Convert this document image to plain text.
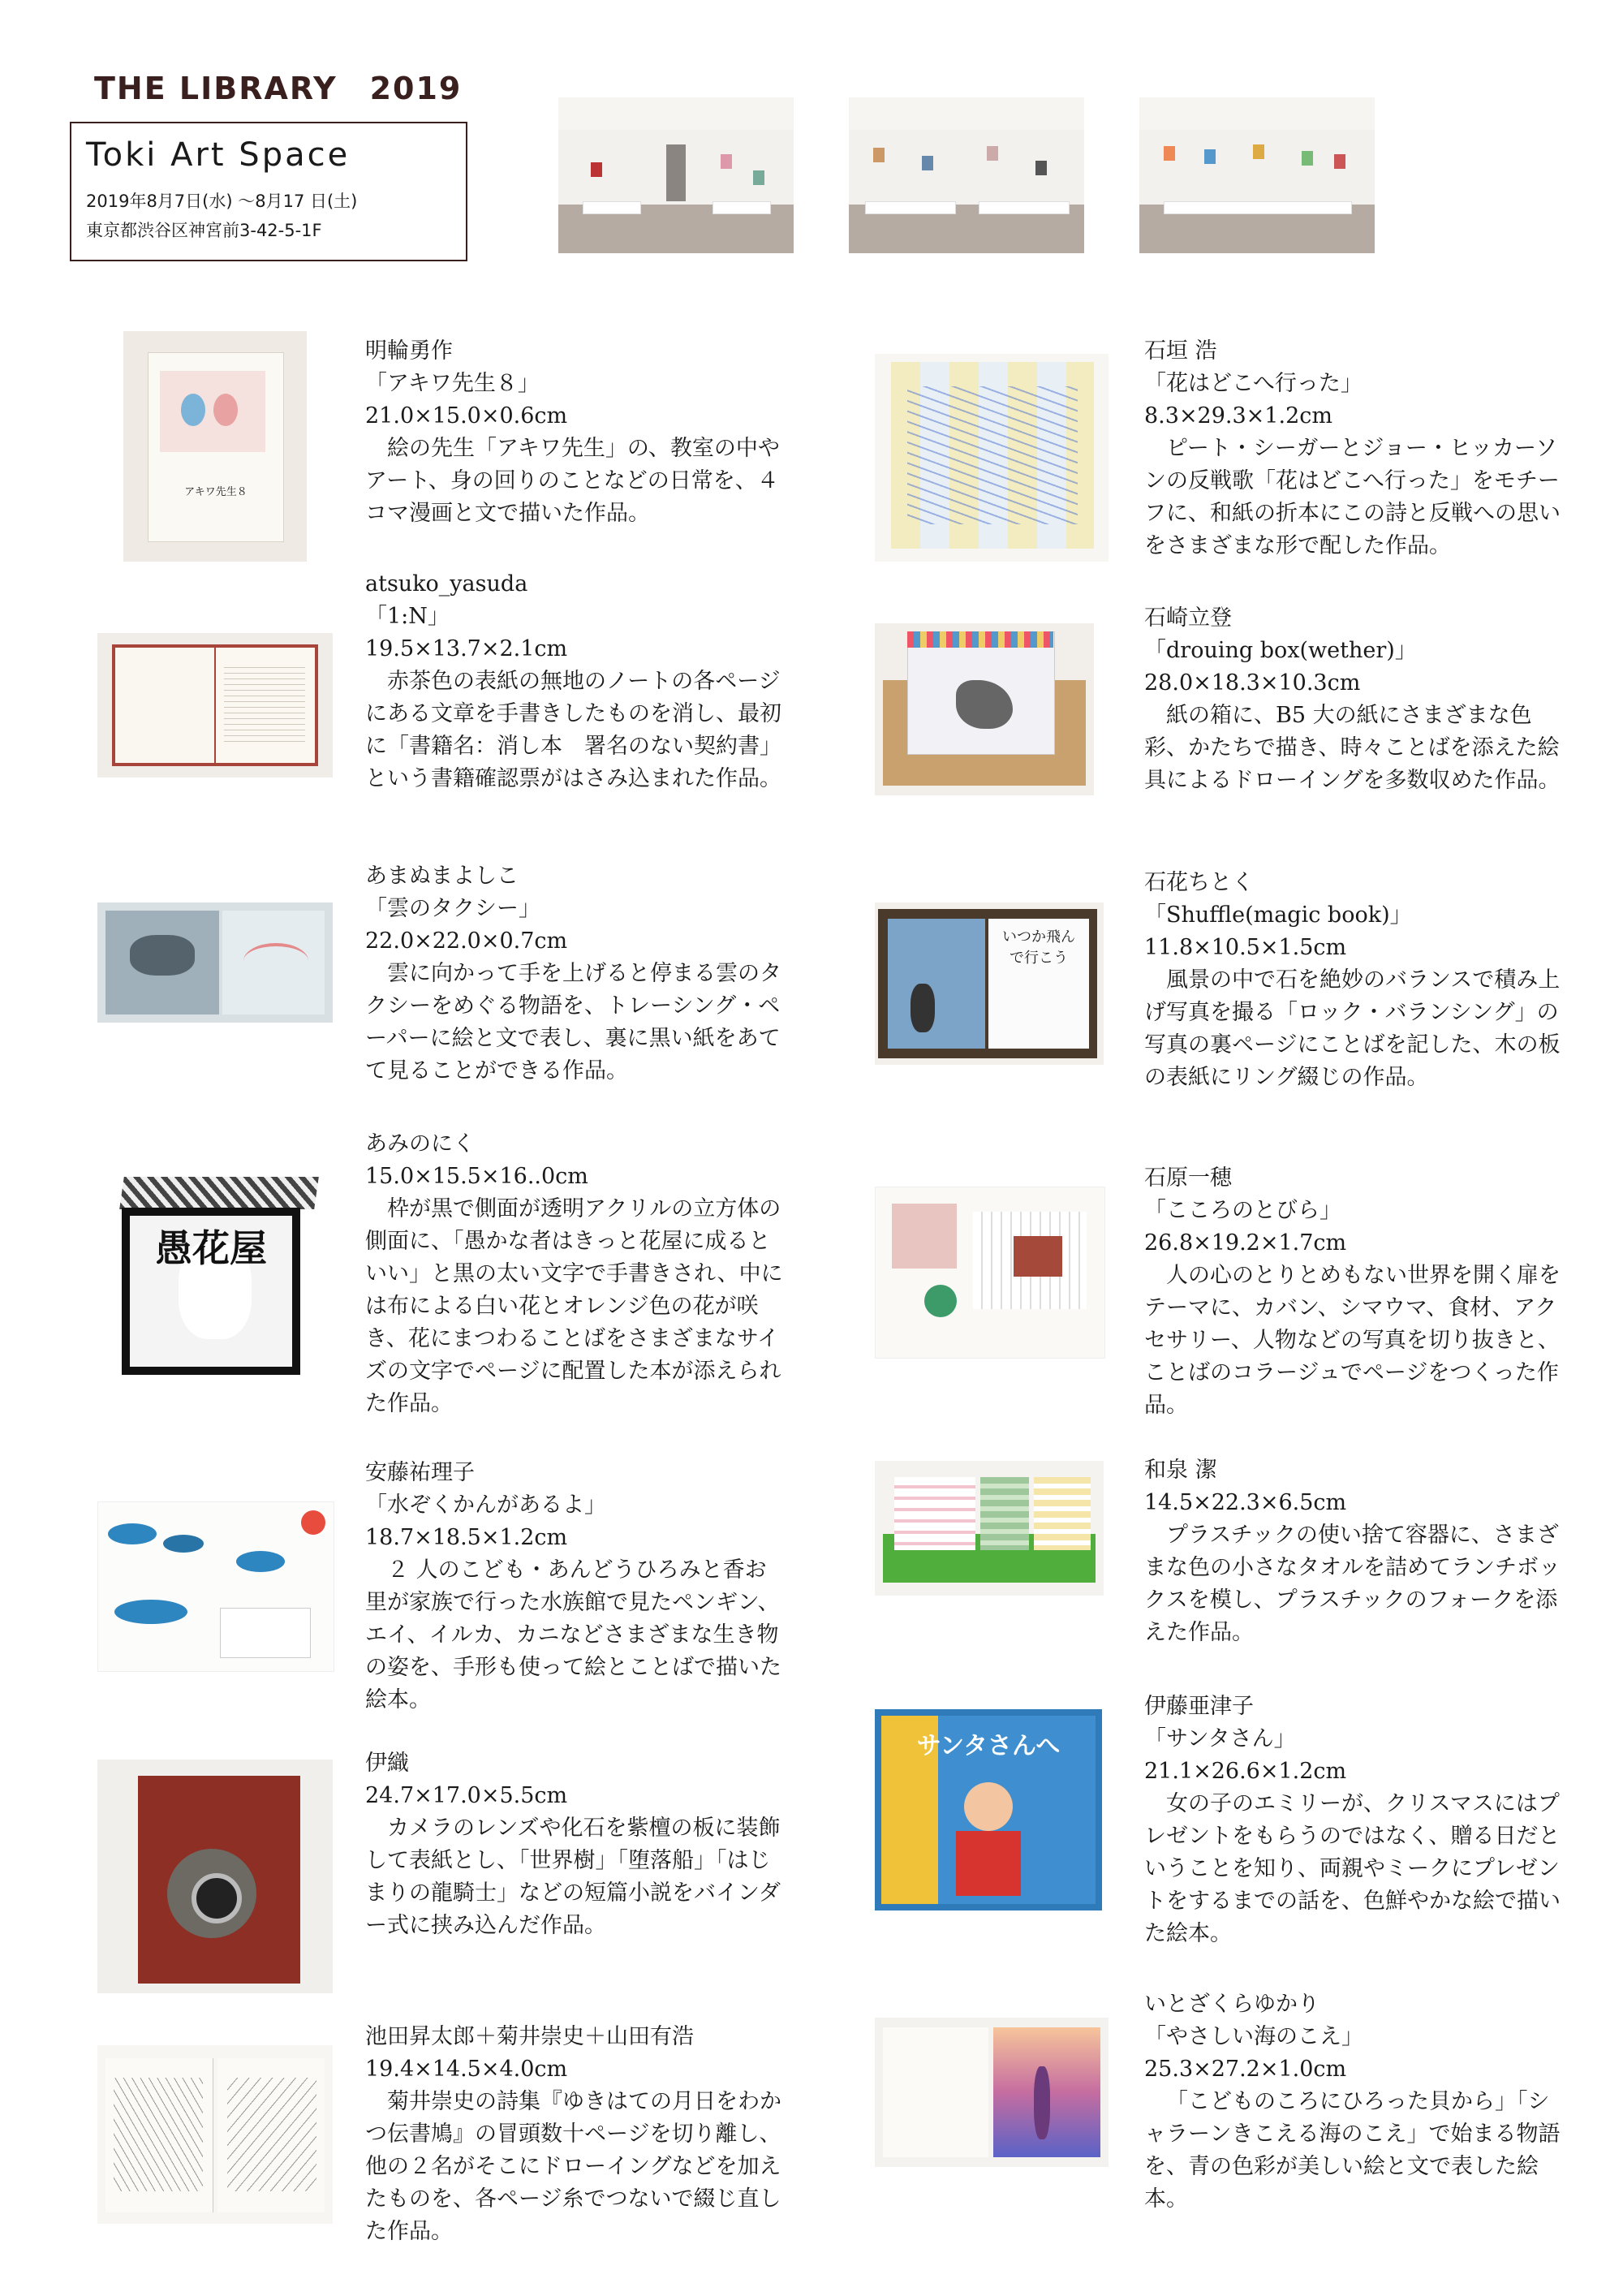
THE LIBRARY　2019
Toki Art Space
2019年8月7日(水) ～8月17 日(土)
東京都渋谷区神宮前3-42-5-1F
アキワ先生８

明輪勇作

「アキワ先生８」

21.0×15.0×0.6cm

絵の先生「アキワ先生」の、教室の中やアート、身の回りのことなどの日常を、４コマ漫画と文で描いた作品。

atsuko_yasuda

「1:N」

19.5×13.7×2.1cm

赤茶色の表紙の無地のノートの各ページにある文章を手書きしたものを消し、最初に「書籍名：消し本　署名のない契約書」という書籍確認票がはさみ込まれた作品。

あまぬまよしこ

「雲のタクシー」

22.0×22.0×0.7cm

雲に向かって手を上げると停まる雲のタクシーをめぐる物語を、トレーシング・ペーパーに絵と文で表し、裏に黒い紙をあてて見ることができる作品。

愚花屋

あみのにく

15.0×15.5×16..0cm

枠が黒で側面が透明アクリルの立方体の側面に、「愚かな者はきっと花屋に成るといい」と黒の太い文字で手書きされ、中には布による白い花とオレンジ色の花が咲き、花にまつわることばをさまざまなサイズの文字でページに配置した本が添えられた作品。

安藤祐理子

「水ぞくかんがあるよ」

18.7×18.5×1.2cm

２ 人のこども・あんどうひろみと香お里が家族で行った水族館で見たペンギン、エイ、イルカ、カニなどさまざまな生き物の姿を、手形も使って絵とことばで描いた絵本。

伊織

24.7×17.0×5.5cm

カメラのレンズや化石を紫檀の板に装飾して表紙とし、「世界樹」「堕落船」「はじまりの龍騎士」などの短篇小説をバインダー式に挟み込んだ作品。

池田昇太郎＋菊井崇史＋山田有浩

19.4×14.5×4.0cm

菊井崇史の詩集『ゆきはての月日をわかつ伝書鳩』の冒頭数十ページを切り離し、他の２名がそこにドローイングなどを加えたものを、各ページ糸でつないで綴じ直した作品。

石垣 浩

「花はどこへ行った」

8.3×29.3×1.2cm

ピート・シーガーとジョー・ヒッカーソンの反戦歌「花はどこへ行った」をモチーフに、和紙の折本にこの詩と反戦への思いをさまざまな形で配した作品。

石崎立登

「drouing box(wether)」

28.0×18.3×10.3cm

紙の箱に、B5 大の紙にさまざまな色彩、かたちで描き、時々ことばを添えた絵具によるドローイングを多数収めた作品。

いつか飛んで行こう

石花ちとく

「Shuffle(magic book)」

11.8×10.5×1.5cm

風景の中で石を絶妙のバランスで積み上げ写真を撮る「ロック・バランシング」の写真の裏ページにことばを記した、木の板の表紙にリング綴じの作品。

石原一穂

「こころのとびら」

26.8×19.2×1.7cm

人の心のとりとめもない世界を開く扉をテーマに、カバン、シマウマ、食材、アクセサリー、人物などの写真を切り抜きと、ことばのコラージュでページをつくった作品。

和泉 潔

14.5×22.3×6.5cm

プラスチックの使い捨て容器に、さまざまな色の小さなタオルを詰めてランチボックスを模し、プラスチックのフォークを添えた作品。

サンタさんへ

伊藤亜津子

「サンタさん」

21.1×26.6×1.2cm

女の子のエミリーが、クリスマスにはプレゼントをもらうのではなく、贈る日だということを知り、両親やミークにプレゼントをするまでの話を、色鮮やかな絵で描いた絵本。

いとざくらゆかり

「やさしい海のこえ」

25.3×27.2×1.0cm

「こどものころにひろった貝から」「シャラーンきこえる海のこえ」で始まる物語を、青の色彩が美しい絵と文で表した絵本。
